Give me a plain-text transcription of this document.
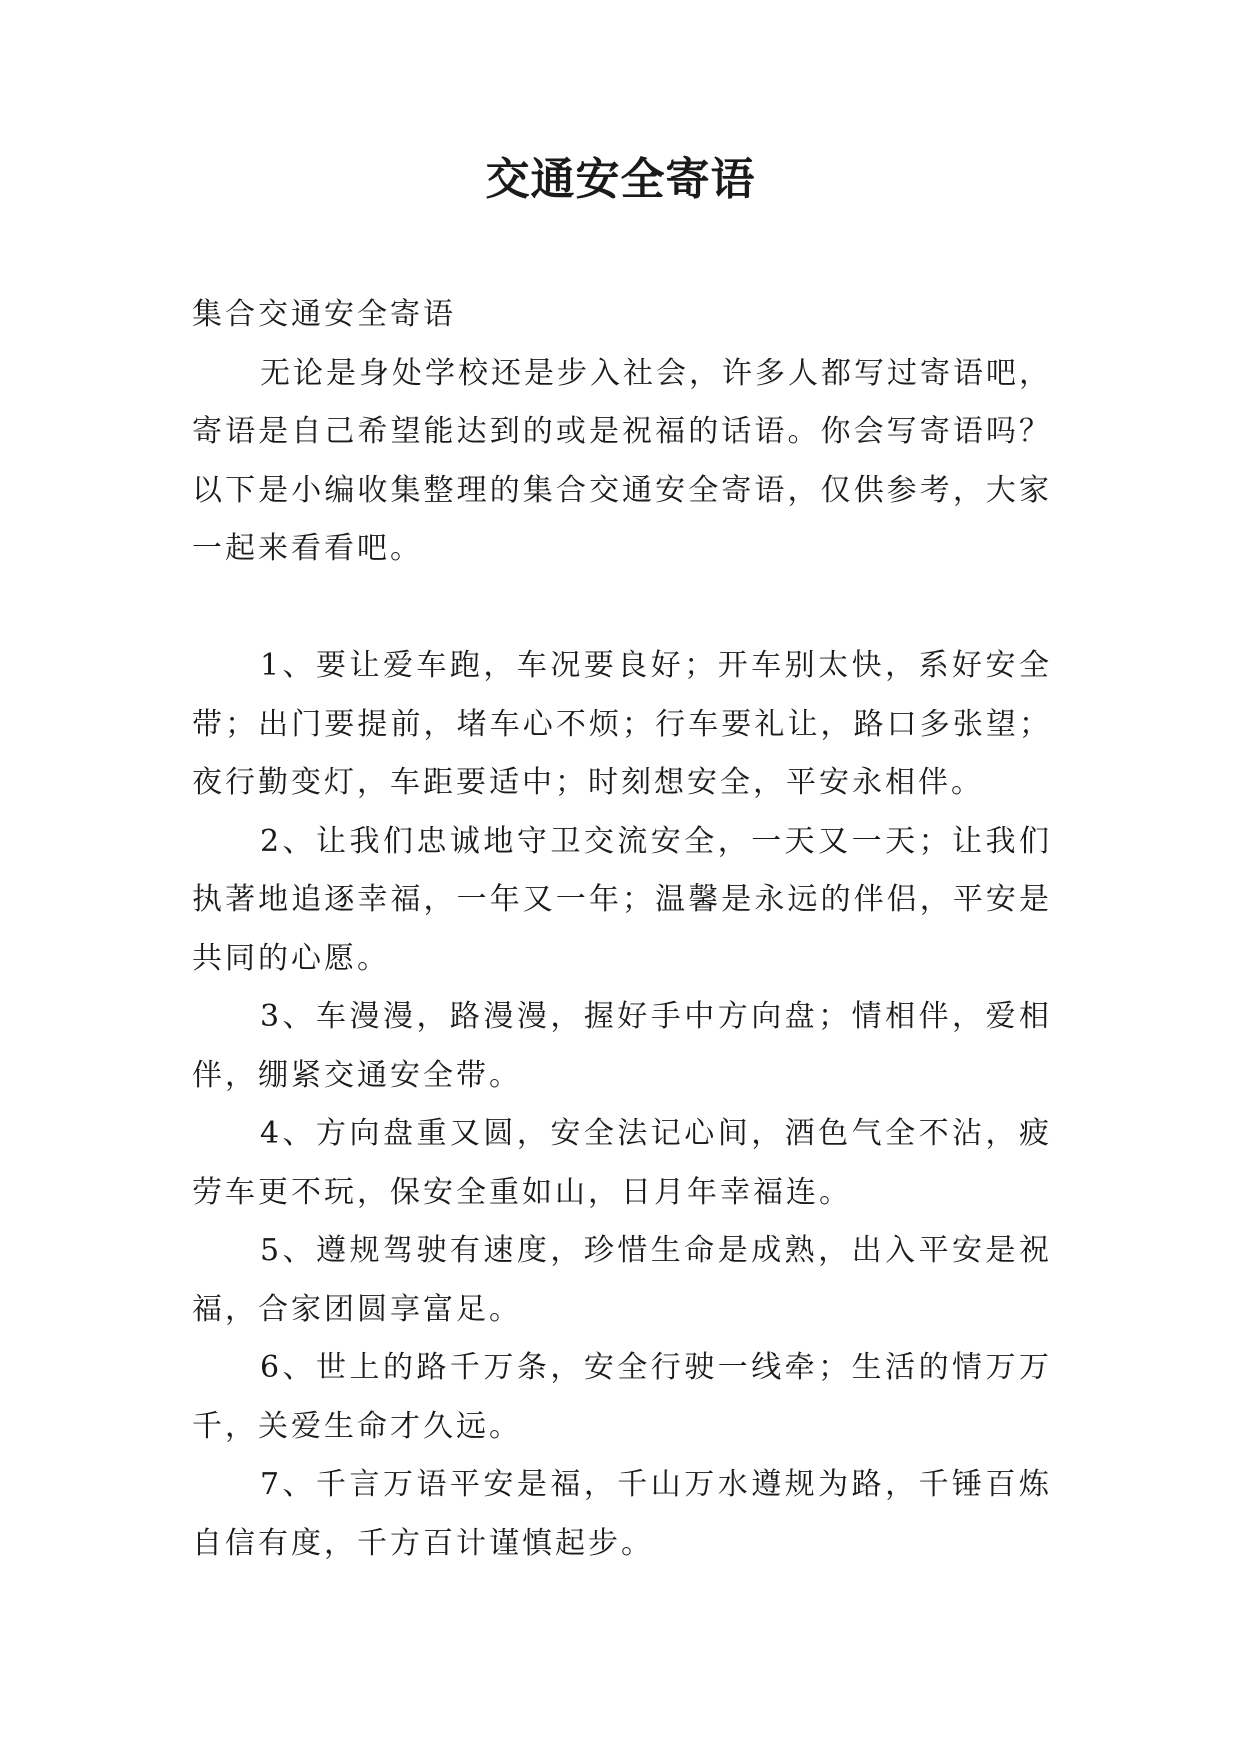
交通安全寄语

集合交通安全寄语

无论是身处学校还是步入社会，许多人都写过寄语吧，寄语是自己希望能达到的或是祝福的话语。你会写寄语吗？以下是小编收集整理的集合交通安全寄语，仅供参考，大家一起来看看吧。

1、要让爱车跑，车况要良好；开车别太快，系好安全带；出门要提前，堵车心不烦；行车要礼让，路口多张望；夜行勤变灯，车距要适中；时刻想安全，平安永相伴。

2、让我们忠诚地守卫交流安全，一天又一天；让我们执著地追逐幸福，一年又一年；温馨是永远的伴侣，平安是共同的心愿。

3、车漫漫，路漫漫，握好手中方向盘；情相伴，爱相伴，绷紧交通安全带。

4、方向盘重又圆，安全法记心间，酒色气全不沾，疲劳车更不玩，保安全重如山，日月年幸福连。

5、遵规驾驶有速度，珍惜生命是成熟，出入平安是祝福，合家团圆享富足。

6、世上的路千万条，安全行驶一线牵；生活的情万万千，关爱生命才久远。

7、千言万语平安是福，千山万水遵规为路，千锤百炼自信有度，千方百计谨慎起步。
